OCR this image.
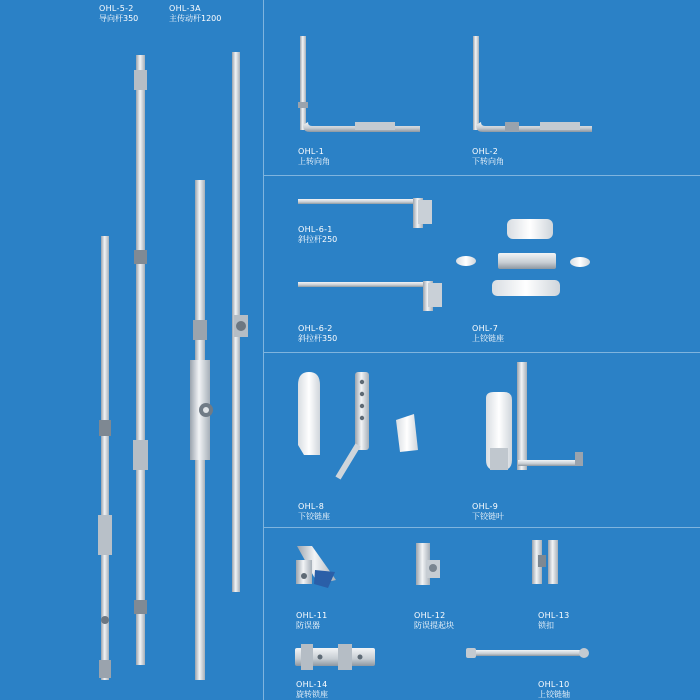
OHL-5-2
导向杆350
OHL-3A
主传动杆1200
OHL-1
上转向角
OHL-2
下转向角
OHL-6-1
斜拉杆250
OHL-6-2
斜拉杆350
OHL-7
上铰链座
OHL-8
下铰链座
OHL-9
下铰链叶
OHL-11
防误器
OHL-12
防误提起块
OHL-13
锁扣
OHL-14
旋转锁座
OHL-10
上铰链轴
